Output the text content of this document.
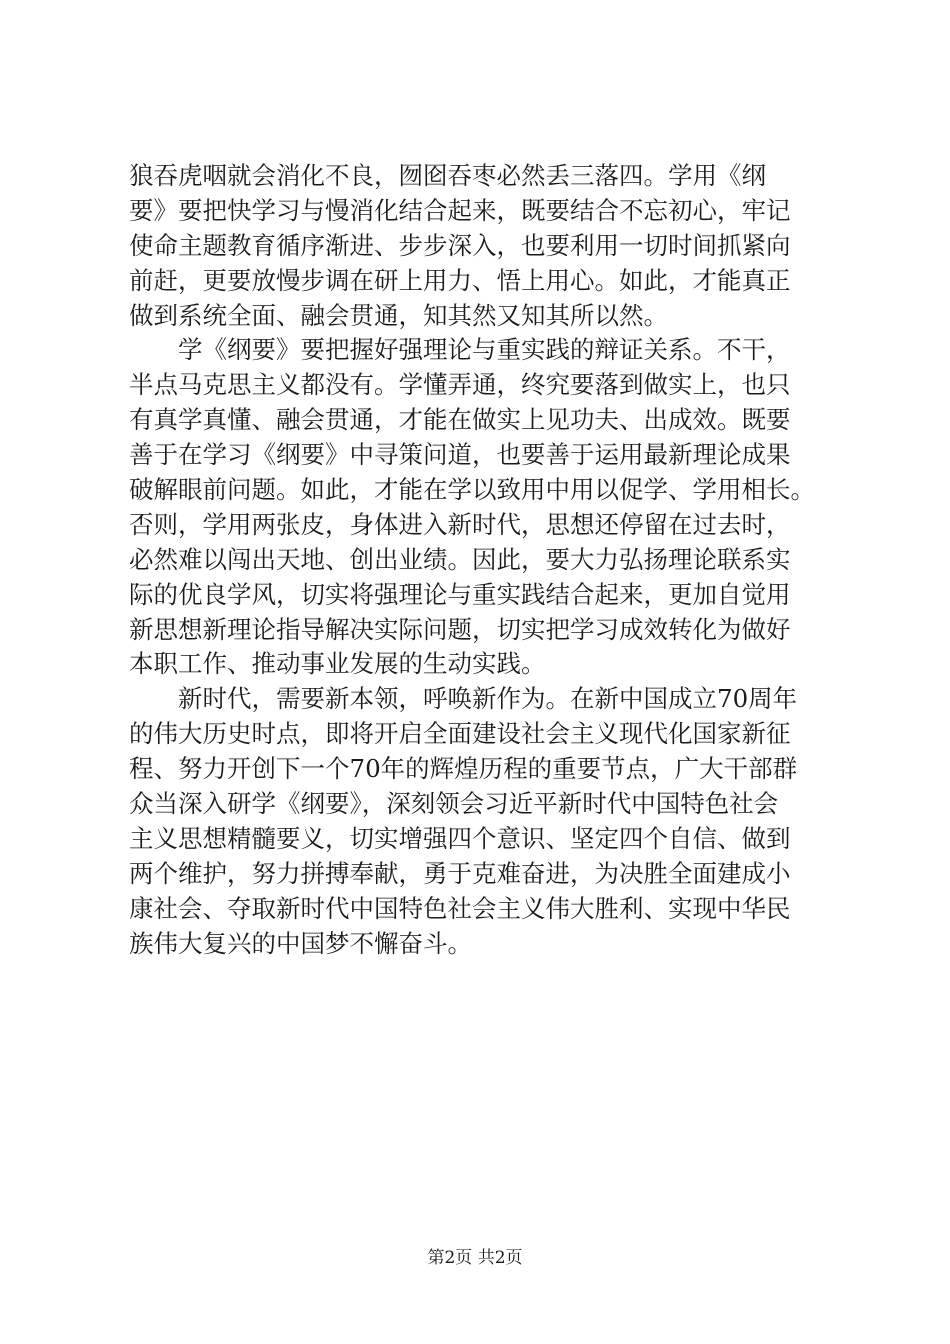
狼吞虎咽就会消化不良，囫囵吞枣必然丢三落四。学用《纲
要》要把快学习与慢消化结合起来，既要结合不忘初心，牢记
使命主题教育循序渐进、步步深入，也要利用一切时间抓紧向
前赶，更要放慢步调在研上用力、悟上用心。如此，才能真正
做到系统全面、融会贯通，知其然又知其所以然。
学《纲要》要把握好强理论与重实践的辩证关系。不干，
半点马克思主义都没有。学懂弄通，终究要落到做实上，也只
有真学真懂、融会贯通，才能在做实上见功夫、出成效。既要
善于在学习《纲要》中寻策问道，也要善于运用最新理论成果
破解眼前问题。如此，才能在学以致用中用以促学、学用相长。
否则，学用两张皮，身体进入新时代，思想还停留在过去时，
必然难以闯出天地、创出业绩。因此，要大力弘扬理论联系实
际的优良学风，切实将强理论与重实践结合起来，更加自觉用
新思想新理论指导解决实际问题，切实把学习成效转化为做好
本职工作、推动事业发展的生动实践。
新时代，需要新本领，呼唤新作为。在新中国成立70周年
的伟大历史时点，即将开启全面建设社会主义现代化国家新征
程、努力开创下一个70年的辉煌历程的重要节点，广大干部群
众当深入研学《纲要》，深刻领会习近平新时代中国特色社会
主义思想精髓要义，切实增强四个意识、坚定四个自信、做到
两个维护，努力拼搏奉献，勇于克难奋进，为决胜全面建成小
康社会、夺取新时代中国特色社会主义伟大胜利、实现中华民
族伟大复兴的中国梦不懈奋斗。
第2页 共2页
